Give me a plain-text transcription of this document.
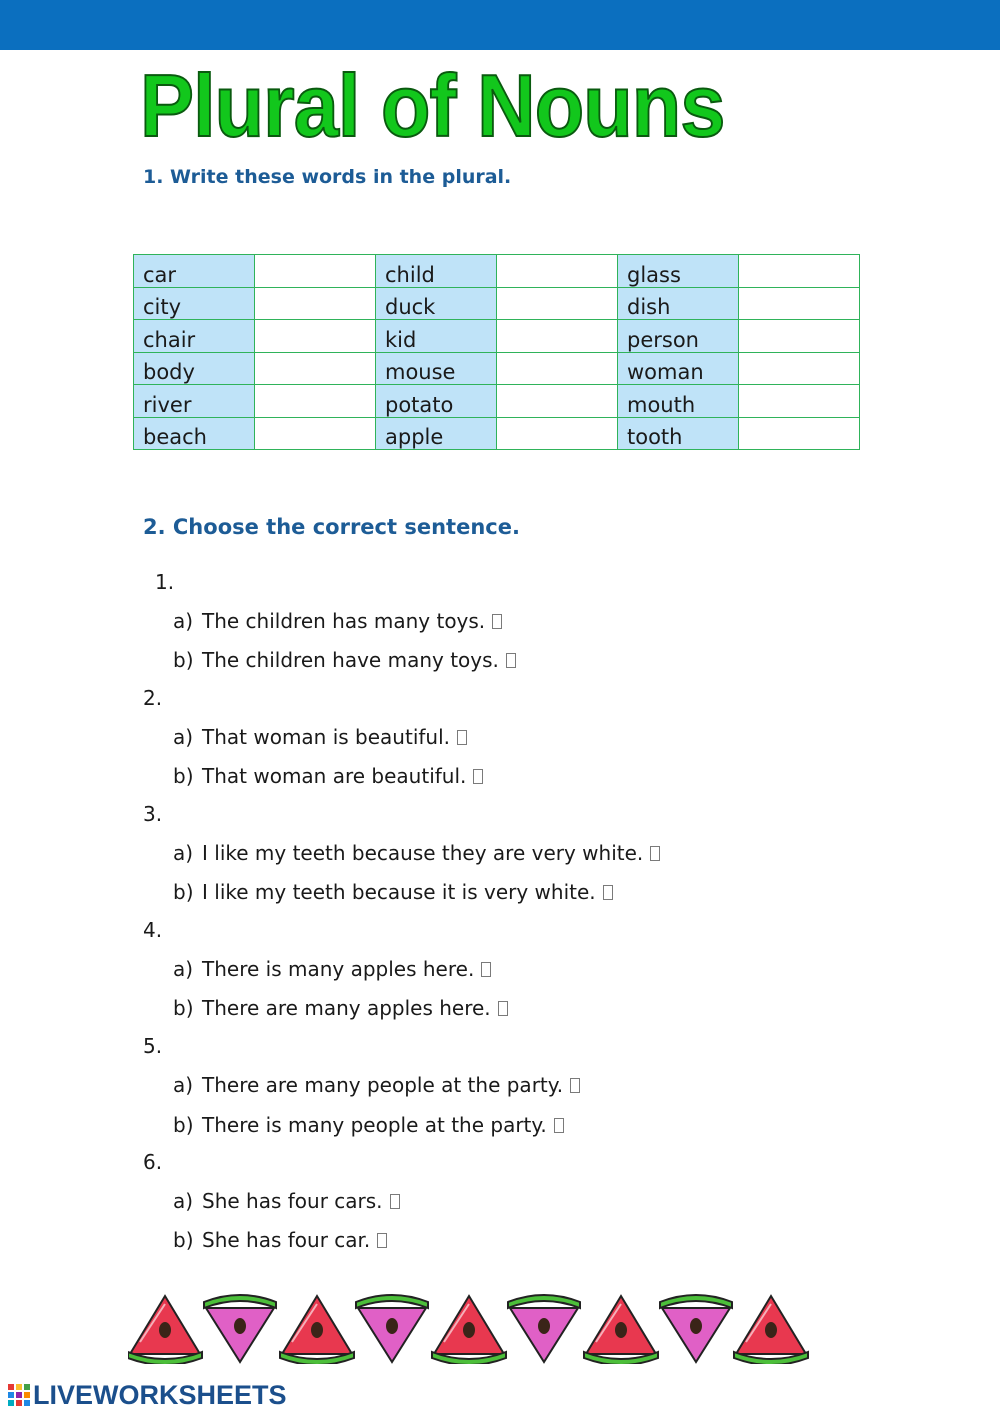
Plural of Nouns
1. Write these words in the plural.
car		child		glass	
city		duck		dish	
chair		kid		person	
body		mouse		woman	
river		potato		mouth	
beach		apple		tooth	
2. Choose the correct sentence.
1.
a) The children has many toys.
b) The children have many toys.
2.
a) That woman is beautiful.
b) That woman are beautiful.
3.
a) I like my teeth because they are very white.
b) I like my teeth because it is very white.
4.
a) There is many apples here.
b) There are many apples here.
5.
a) There are many people at the party.
b) There is many people at the party.
6.
a) She has four cars.
b) She has four car.
LIVEWORKSHEETS
